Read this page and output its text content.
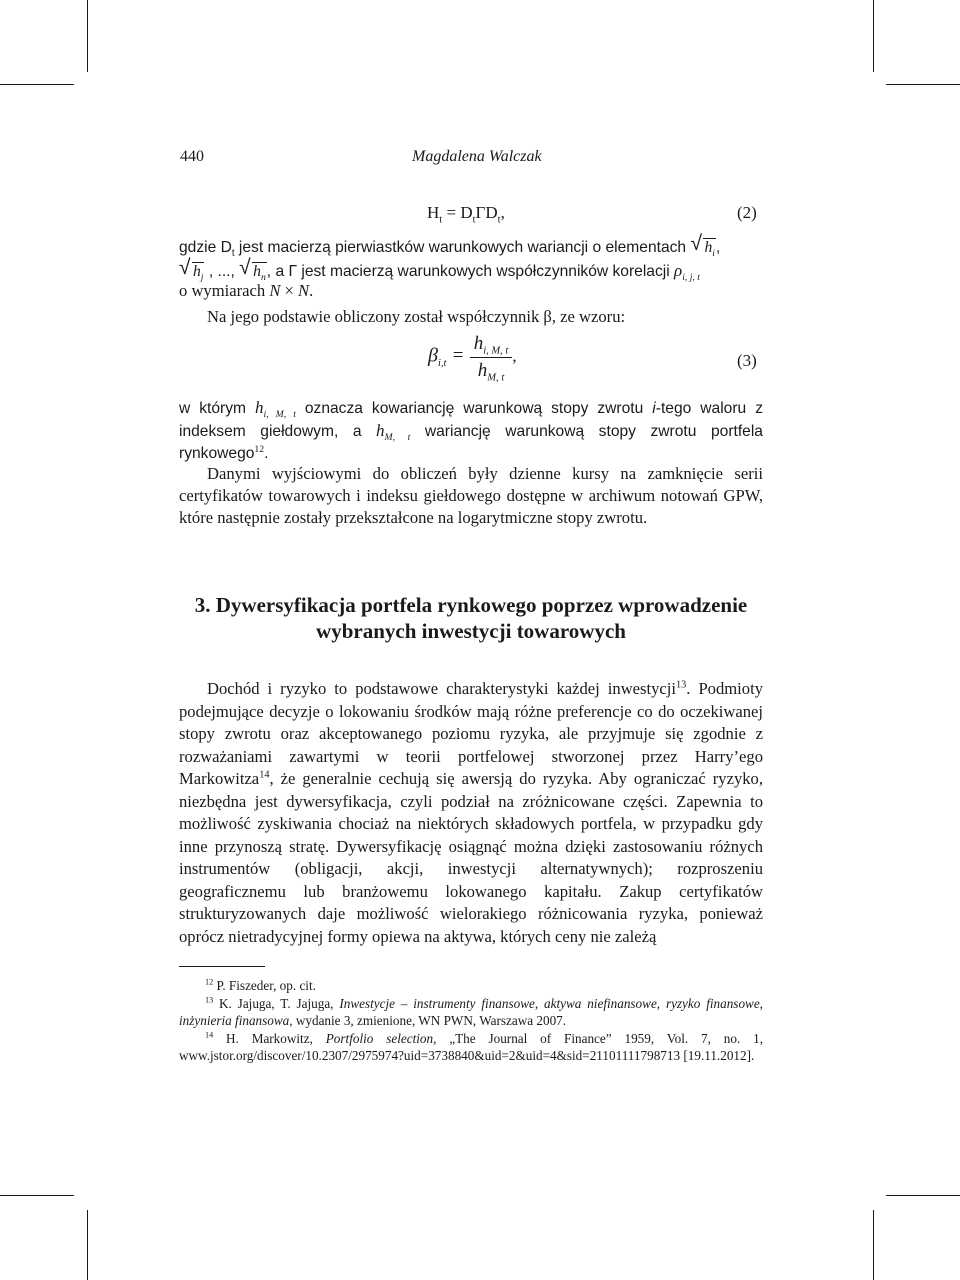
440	Magdalena Walczak
$H_t = D_t\Gamma D_t$,	(2)

gdzie $D_t$ jest macierzą pierwiastków warunkowych wariancji o elementach √ $h_i$,

√ $h_j$ , ..., √ $h_n$, a Γ jest macierzą warunkowych współczynników korelacji $\rho_{i, j, t}$

o wymiarach N × N.

Na jego podstawie obliczony został współczynnik β, ze wzoru:

$\beta_{i,t} = \frac{h_{i, M, t}}{h_{M, t}}$ ,	(3)

w którym $h_{i, M, t}$ oznacza kowariancję warunkową stopy zwrotu i-tego waloru z indeksem giełdowym, a $h_{M, t}$ wariancję warunkową stopy zwrotu portfela rynkowego$^{12}$.

Danymi wyjściowymi do obliczeń były dzienne kursy na zamknięcie serii certyfikatów towarowych i indeksu giełdowego dostępne w archiwum notowań GPW, które następnie zostały przekształcone na logarytmiczne stopy zwrotu.
3. Dywersyfikacja portfela rynkowego poprzez wprowadzenie
wybranych inwestycji towarowych
Dochód i ryzyko to podstawowe charakterystyki każdej inwestycji$^{13}$. Podmioty podejmujące decyzje o lokowaniu środków mają różne preferencje co do oczekiwanej stopy zwrotu oraz akceptowanego poziomu ryzyka, ale przyjmuje się zgodnie z rozważaniami zawartymi w teorii portfelowej stworzonej przez Harry’ego Markowitza$^{14}$, że generalnie cechują się awersją do ryzyka. Aby ograniczać ryzyko, niezbędna jest dywersyfikacja, czyli podział na zróżnicowane części. Zapewnia to możliwość zyskiwania chociaż na niektórych składowych portfela, w przypadku gdy inne przynoszą stratę. Dywersyfikację osiągnąć można dzięki zastosowaniu różnych instrumentów (obligacji, akcji, inwestycji alternatywnych); rozproszeniu geograficznemu lub branżowemu lokowanego kapitału. Zakup certyfikatów strukturyzowanych daje możliwość wielorakiego różnicowania ryzyka, ponieważ oprócz nietradycyjnej formy opiewa na aktywa, których ceny nie zależą

$^{12}$ P. Fiszeder, op. cit.

$^{13}$ K. Jajuga, T. Jajuga, Inwestycje – instrumenty finansowe, aktywa niefinansowe, ryzyko finansowe, inżynieria finansowa, wydanie 3, zmienione, WN PWN, Warszawa 2007.

$^{14}$ H. Markowitz, Portfolio selection, „The Journal of Finance” 1959, Vol. 7, no. 1, www.jstor.org/discover/10.2307/2975974?uid=3738840&uid=2&uid=4&sid=21101111798713 [19.11.2012].
